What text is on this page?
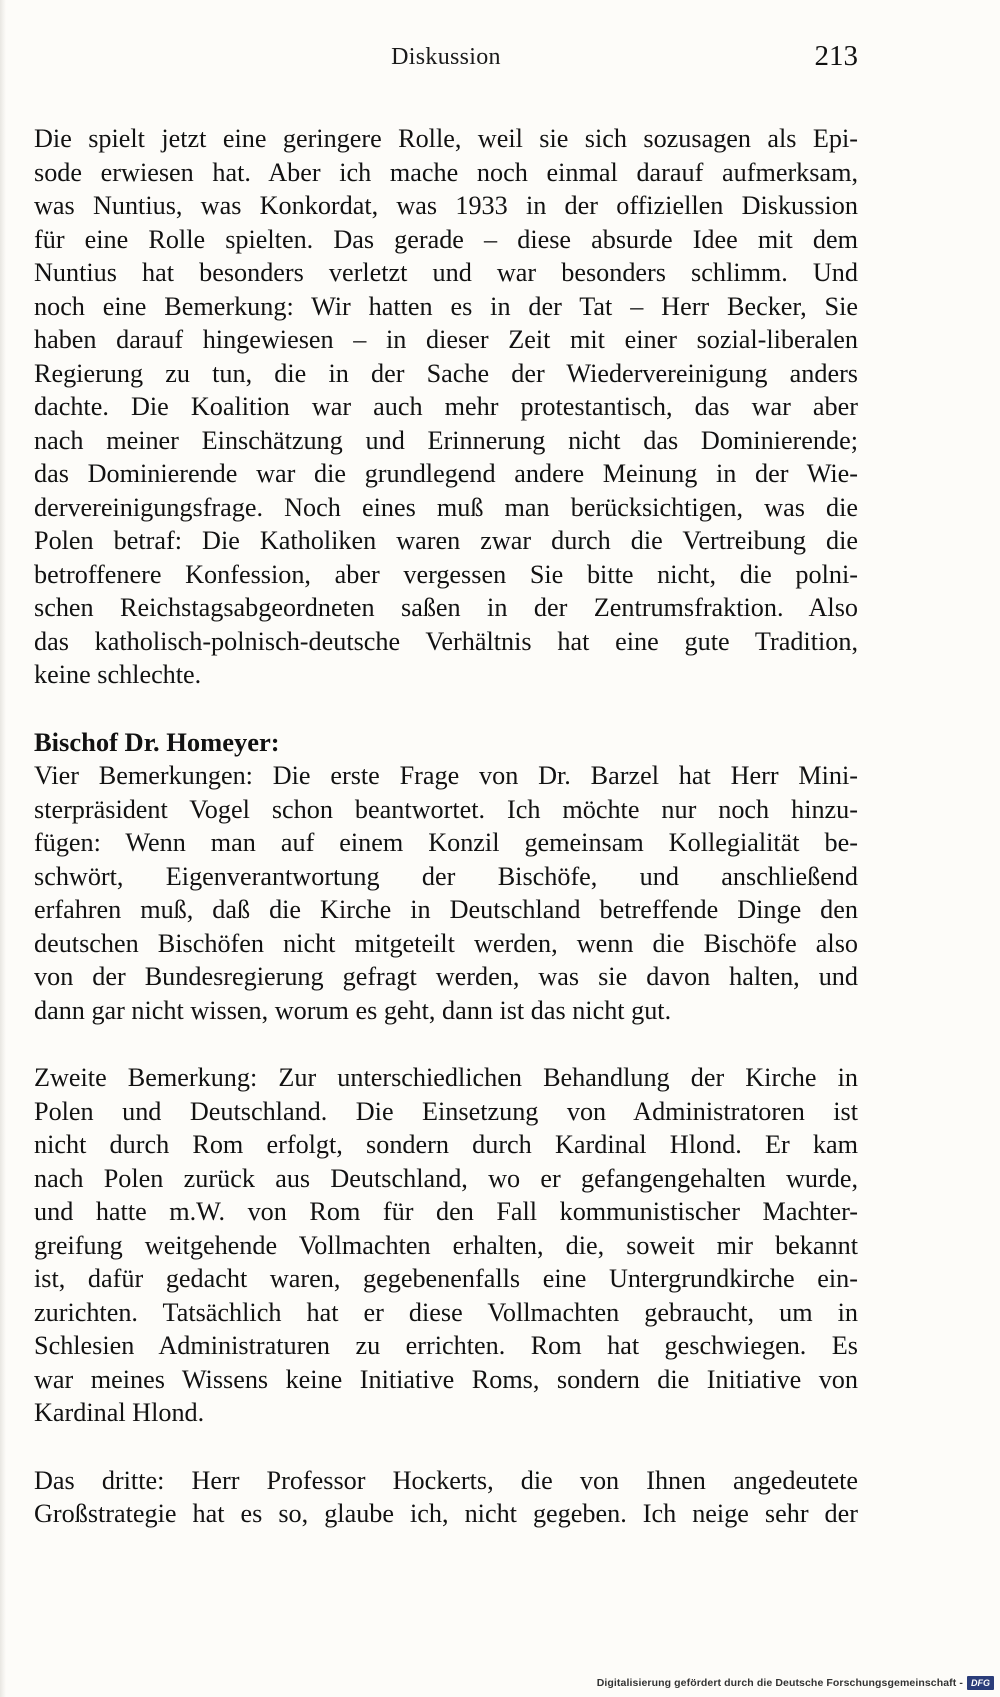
Diskussion	213
Die spielt jetzt eine geringere Rolle, weil sie sich sozusagen als Epi-
sode erwiesen hat. Aber ich mache noch einmal darauf aufmerksam,
was Nuntius, was Konkordat, was 1933 in der offiziellen Diskussion
für eine Rolle spielten. Das gerade – diese absurde Idee mit dem
Nuntius hat besonders verletzt und war besonders schlimm. Und
noch eine Bemerkung: Wir hatten es in der Tat – Herr Becker, Sie
haben darauf hingewiesen – in dieser Zeit mit einer sozial-liberalen
Regierung zu tun, die in der Sache der Wiedervereinigung anders
dachte. Die Koalition war auch mehr protestantisch, das war aber
nach meiner Einschätzung und Erinnerung nicht das Dominierende;
das Dominierende war die grundlegend andere Meinung in der Wie-
dervereinigungsfrage. Noch eines muß man berücksichtigen, was die
Polen betraf: Die Katholiken waren zwar durch die Vertreibung die
betroffenere Konfession, aber vergessen Sie bitte nicht, die polni-
schen Reichstagsabgeordneten saßen in der Zentrumsfraktion. Also
das katholisch-polnisch-deutsche Verhältnis hat eine gute Tradition,
keine schlechte.
Bischof Dr. Homeyer:
Vier Bemerkungen: Die erste Frage von Dr. Barzel hat Herr Mini-
sterpräsident Vogel schon beantwortet. Ich möchte nur noch hinzu-
fügen: Wenn man auf einem Konzil gemeinsam Kollegialität be-
schwört, Eigenverantwortung der Bischöfe, und anschließend
erfahren muß, daß die Kirche in Deutschland betreffende Dinge den
deutschen Bischöfen nicht mitgeteilt werden, wenn die Bischöfe also
von der Bundesregierung gefragt werden, was sie davon halten, und
dann gar nicht wissen, worum es geht, dann ist das nicht gut.
Zweite Bemerkung: Zur unterschiedlichen Behandlung der Kirche in
Polen und Deutschland. Die Einsetzung von Administratoren ist
nicht durch Rom erfolgt, sondern durch Kardinal Hlond. Er kam
nach Polen zurück aus Deutschland, wo er gefangengehalten wurde,
und hatte m.W. von Rom für den Fall kommunistischer Machter-
greifung weitgehende Vollmachten erhalten, die, soweit mir bekannt
ist, dafür gedacht waren, gegebenenfalls eine Untergrundkirche ein-
zurichten. Tatsächlich hat er diese Vollmachten gebraucht, um in
Schlesien Administraturen zu errichten. Rom hat geschwiegen. Es
war meines Wissens keine Initiative Roms, sondern die Initiative von
Kardinal Hlond.
Das dritte: Herr Professor Hockerts, die von Ihnen angedeutete
Großstrategie hat es so, glaube ich, nicht gegeben. Ich neige sehr der
Digitalisierung gefördert durch die Deutsche Forschungsgemeinschaft - DFG
